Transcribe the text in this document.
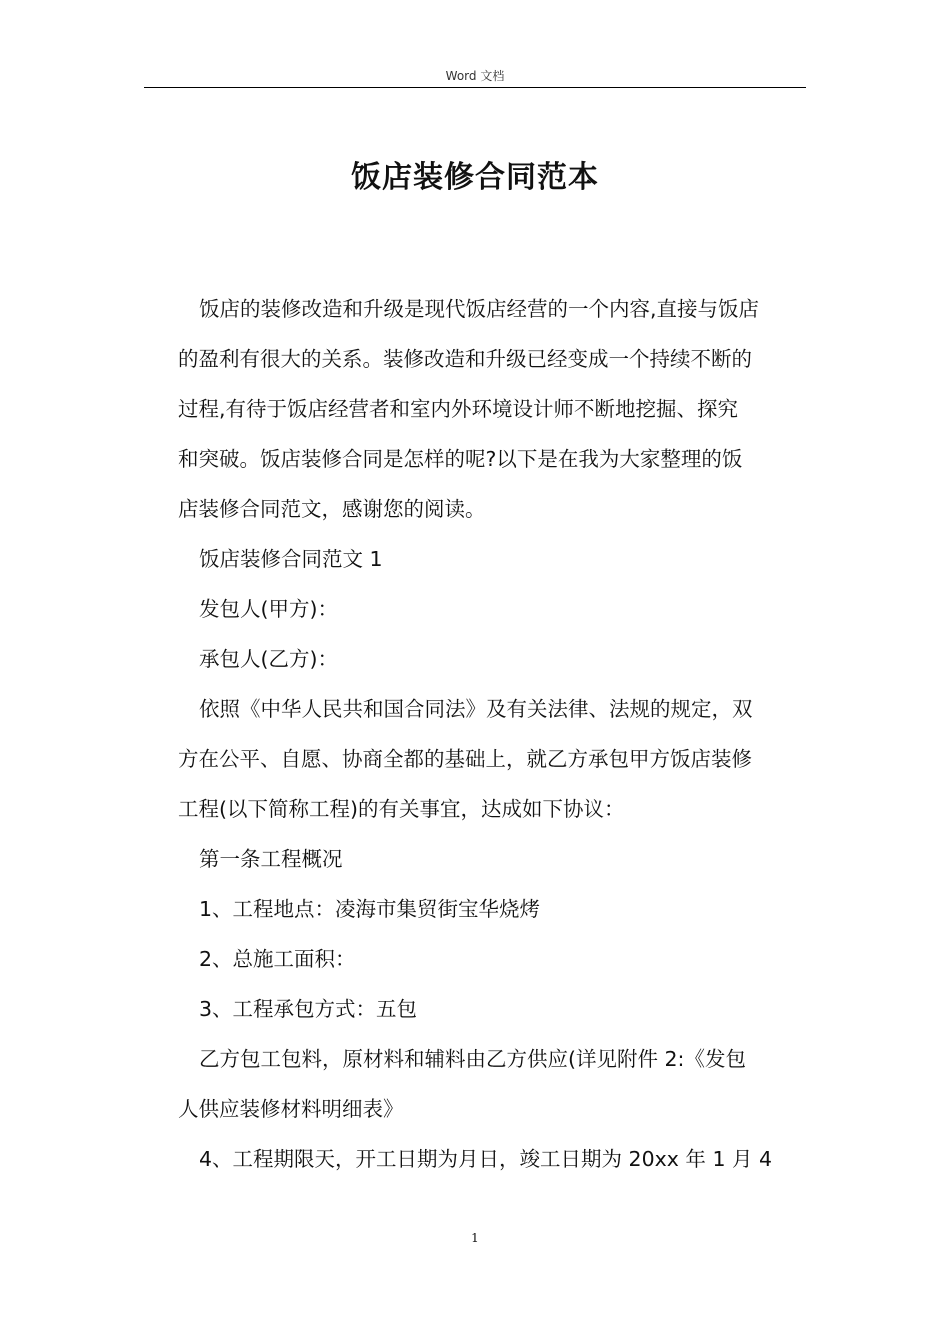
Word 文档
饭店装修合同范本
饭店的装修改造和升级是现代饭店经营的一个内容,直接与饭店
的盈利有很大的关系。装修改造和升级已经变成一个持续不断的
过程,有待于饭店经营者和室内外环境设计师不断地挖掘、探究
和突破。饭店装修合同是怎样的呢?以下是在我为大家整理的饭
店装修合同范文，感谢您的阅读。
饭店装修合同范文 1
发包人(甲方)：
承包人(乙方)：
依照《中华人民共和国合同法》及有关法律、法规的规定，双
方在公平、自愿、协商全都的基础上，就乙方承包甲方饭店装修
工程(以下简称工程)的有关事宜，达成如下协议：
第一条工程概况
1、工程地点：凌海市集贸街宝华烧烤
2、总施工面积：
3、工程承包方式：五包
乙方包工包料，原材料和辅料由乙方供应(详见附件 2:《发包
人供应装修材料明细表》
4、工程期限天，开工日期为月日，竣工日期为 20xx 年 1 月 4
1
